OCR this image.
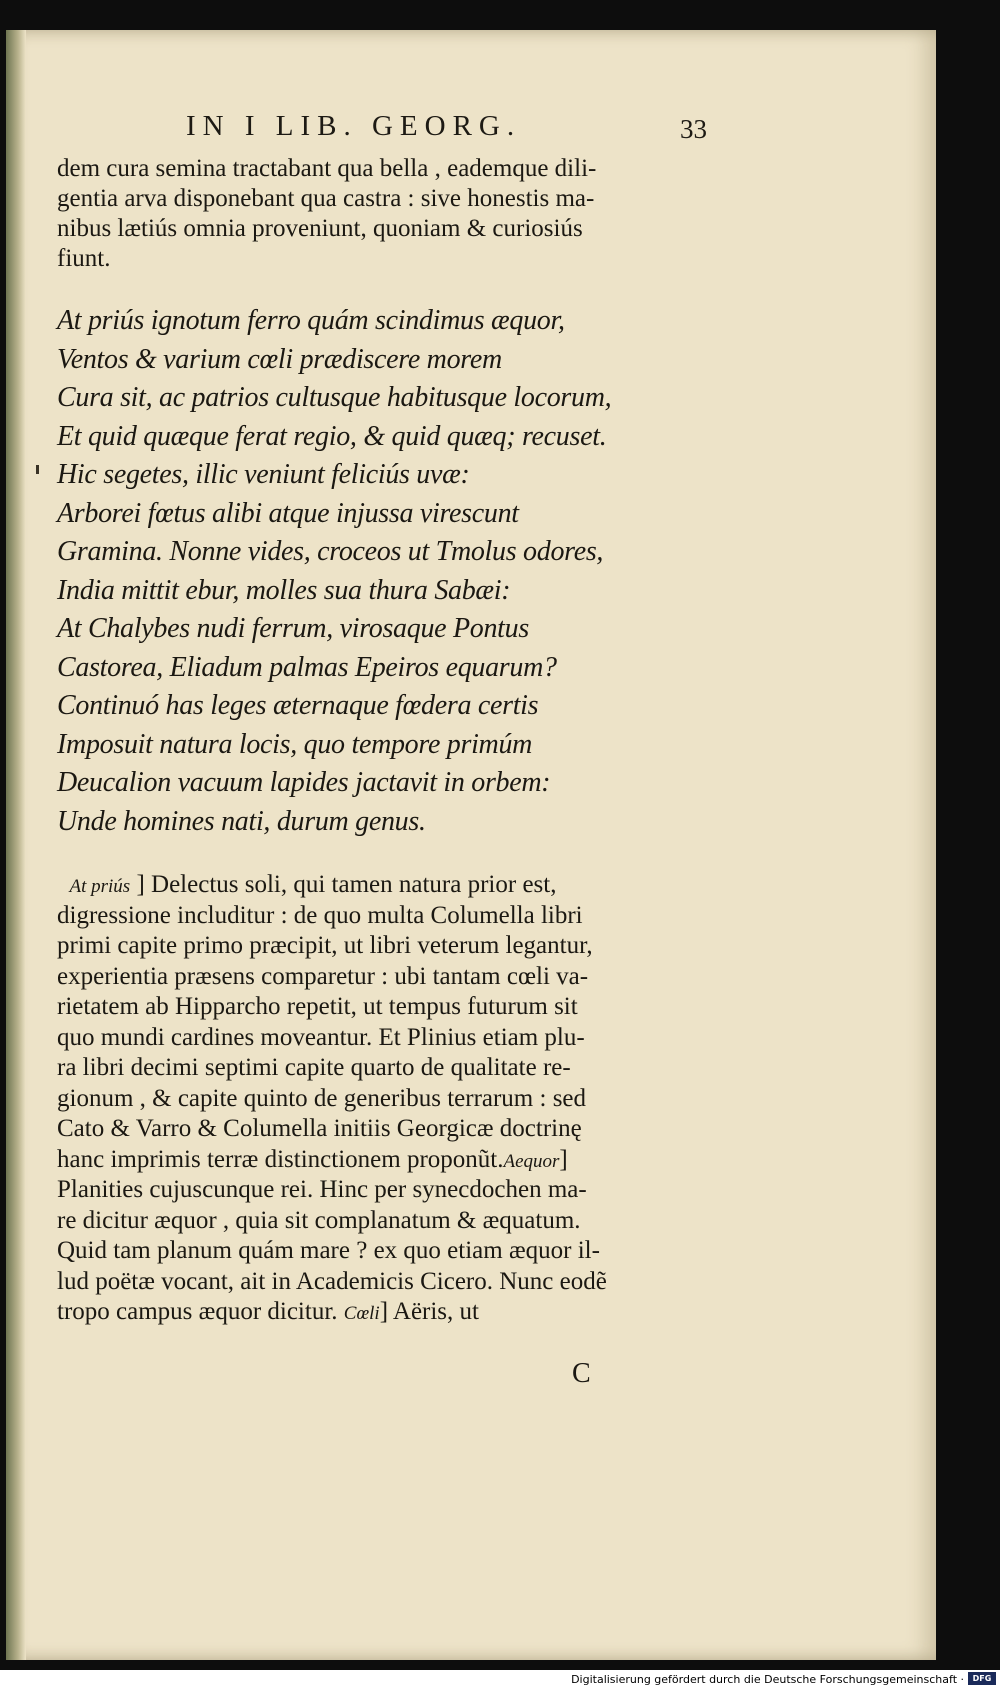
IN I LIB. GEORG.	33
dem cura semina tractabant qua bella , eademque dili-
gentia arva disponebant qua castra : sive honestis ma-
nibus lætiús omnia proveniunt, quoniam & curiosiús
fiunt.
At priús ignotum ferro quám scindimus æquor,
Ventos & varium cœli prædiscere morem
Cura sit, ac patrios cultusque habitusque locorum,
Et quid quæque ferat regio, & quid quæq; recuset.
Hic segetes, illic veniunt feliciús uvæ:
Arborei fœtus alibi atque injussa virescunt
Gramina. Nonne vides, croceos ut Tmolus odores,
India mittit ebur, molles sua thura Sabæi:
At Chalybes nudi ferrum, virosaque Pontus
Castorea, Eliadum palmas Epeiros equarum?
Continuó has leges æternaque fœdera certis
Imposuit natura locis, quo tempore primúm
Deucalion vacuum lapides jactavit in orbem:
Unde homines nati, durum genus.
At priús ] Delectus soli, qui tamen natura prior est,
digressione includitur : de quo multa Columella libri
primi capite primo præcipit, ut libri veterum legantur,
experientia præsens comparetur : ubi tantam cœli va-
rietatem ab Hipparcho repetit, ut tempus futurum sit
quo mundi cardines moveantur. Et Plinius etiam plu-
ra libri decimi septimi capite quarto de qualitate re-
gionum , & capite quinto de generibus terrarum : sed
Cato & Varro & Columella initiis Georgicæ doctrinę
hanc imprimis terræ distinctionem proponũt.Aequor]
Planities cujuscunque rei. Hinc per synecdochen ma-
re dicitur æquor , quia sit complanatum & æquatum.
Quid tam planum quám mare ? ex quo etiam æquor il-
lud poëtæ vocant, ait in Academicis Cicero. Nunc eodẽ
tropo campus æquor dicitur. Cœli] Aëris, ut
C
Digitalisierung gefördert durch die Deutsche Forschungsgemeinschaft ·	DFG
